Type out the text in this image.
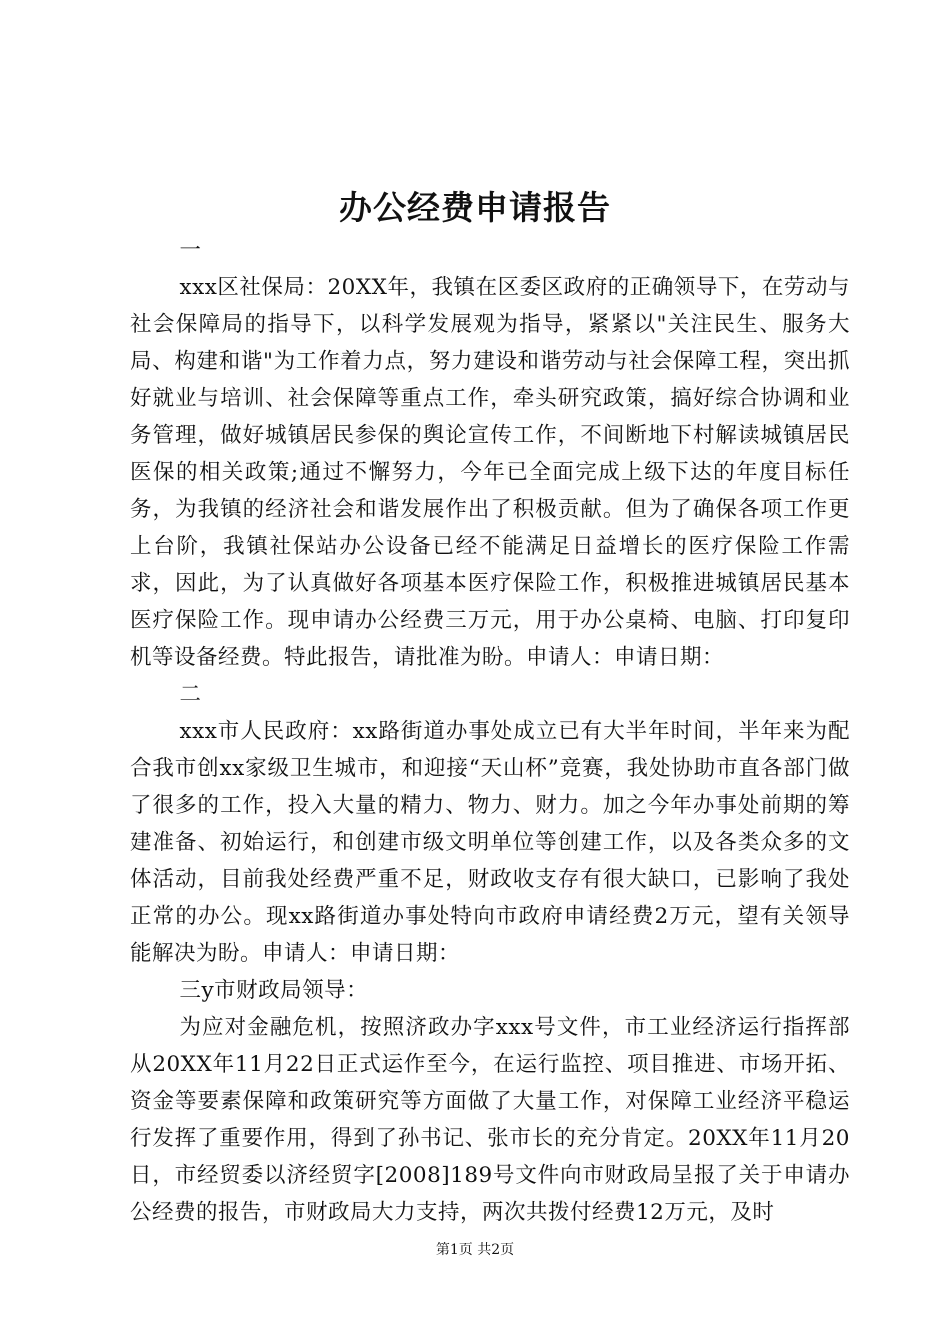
办公经费申请报告

一

xxx区社保局：20XX年，我镇在区委区政府的正确领导下，在劳动与社会保障局的指导下，以科学发展观为指导，紧紧以"关注民生、服务大局、构建和谐"为工作着力点，努力建设和谐劳动与社会保障工程，突出抓好就业与培训、社会保障等重点工作，牵头研究政策，搞好综合协调和业务管理，做好城镇居民参保的舆论宣传工作，不间断地下村解读城镇居民医保的相关政策;通过不懈努力，今年已全面完成上级下达的年度目标任务，为我镇的经济社会和谐发展作出了积极贡献。但为了确保各项工作更上台阶，我镇社保站办公设备已经不能满足日益增长的医疗保险工作需求，因此，为了认真做好各项基本医疗保险工作，积极推进城镇居民基本医疗保险工作。现申请办公经费三万元，用于办公桌椅、电脑、打印复印机等设备经费。特此报告，请批准为盼。申请人：申请日期：

二

xxx市人民政府：xx路街道办事处成立已有大半年时间，半年来为配合我市创xx家级卫生城市，和迎接“天山杯”竞赛，我处协助市直各部门做了很多的工作，投入大量的精力、物力、财力。加之今年办事处前期的筹建准备、初始运行，和创建市级文明单位等创建工作，以及各类众多的文体活动，目前我处经费严重不足，财政收支存有很大缺口，已影响了我处正常的办公。现xx路街道办事处特向市政府申请经费2万元，望有关领导能解决为盼。申请人：申请日期：

三y市财政局领导：

为应对金融危机，按照济政办字xxx号文件，市工业经济运行指挥部从20XX年11月22日正式运作至今，在运行监控、项目推进、市场开拓、资金等要素保障和政策研究等方面做了大量工作，对保障工业经济平稳运行发挥了重要作用，得到了孙书记、张市长的充分肯定。20XX年11月20日，市经贸委以济经贸字[2008]189号文件向市财政局呈报了关于申请办公经费的报告，市财政局大力支持，两次共拨付经费12万元，及时

第1页 共2页
